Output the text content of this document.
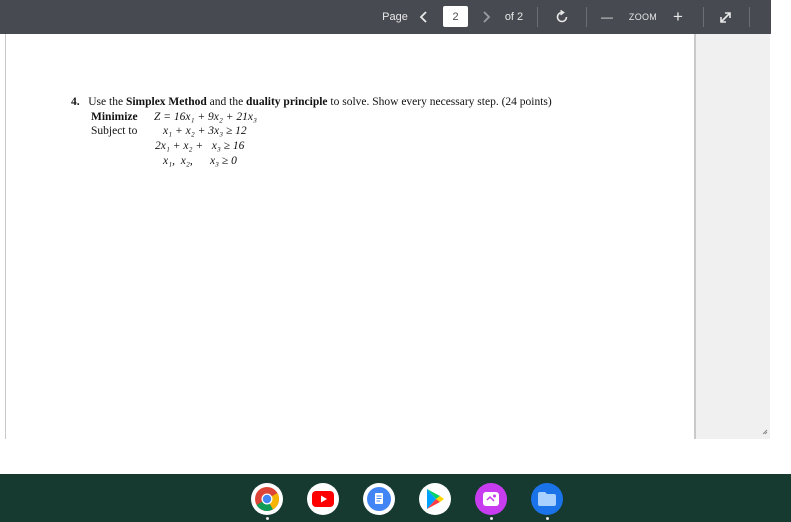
Page	2	of 2	—	ZOOM +
4. Use the Simplex Method and the duality principle to solve. Show every necessary step. (24 points)
Minimize Z = 16x₁ + 9x₂ + 21x₃
Subject to x₁ + x₂ + 3x₃ ≥ 12
2x₁ + x₂ +   x₃ ≥ 16
x₁,  x₂,      x₃ ≥ 0
